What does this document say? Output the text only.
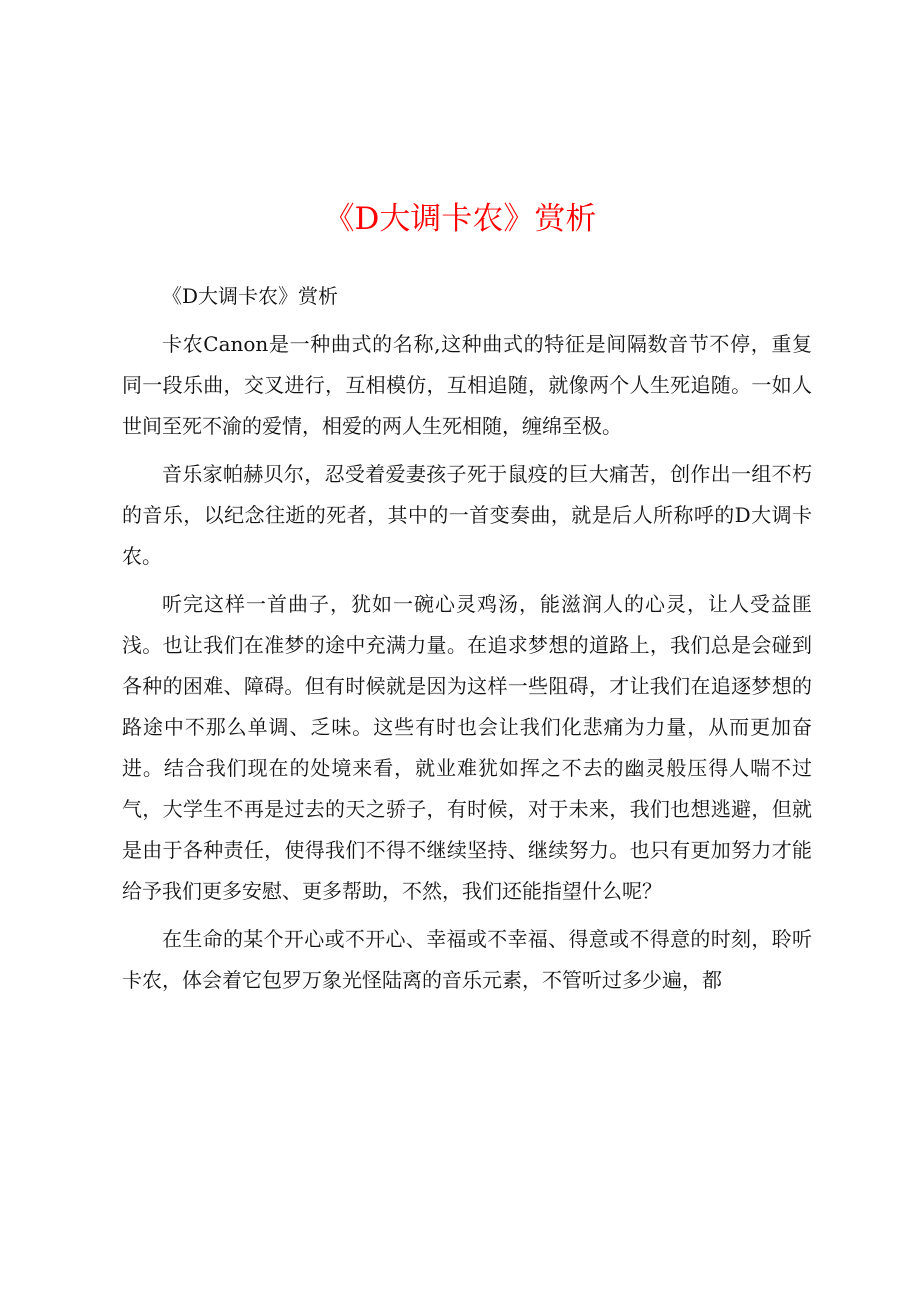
《D大调卡农》赏析

《D大调卡农》赏析

卡农Canon是一种曲式的名称,这种曲式的特征是间隔数音节不停，重复同一段乐曲，交叉进行，互相模仿，互相追随，就像两个人生死追随。一如人世间至死不渝的爱情，相爱的两人生死相随，缠绵至极。

音乐家帕赫贝尔，忍受着爱妻孩子死于鼠疫的巨大痛苦，创作出一组不朽的音乐，以纪念往逝的死者，其中的一首变奏曲，就是后人所称呼的D大调卡农。

听完这样一首曲子，犹如一碗心灵鸡汤，能滋润人的心灵，让人受益匪浅。也让我们在准梦的途中充满力量。在追求梦想的道路上，我们总是会碰到各种的困难、障碍。但有时候就是因为这样一些阻碍，才让我们在追逐梦想的路途中不那么单调、乏味。这些有时也会让我们化悲痛为力量，从而更加奋进。结合我们现在的处境来看，就业难犹如挥之不去的幽灵般压得人喘不过气，大学生不再是过去的天之骄子，有时候，对于未来，我们也想逃避，但就是由于各种责任，使得我们不得不继续坚持、继续努力。也只有更加努力才能给予我们更多安慰、更多帮助，不然，我们还能指望什么呢？

在生命的某个开心或不开心、幸福或不幸福、得意或不得意的时刻，聆听卡农，体会着它包罗万象光怪陆离的音乐元素，不管听过多少遍，都
